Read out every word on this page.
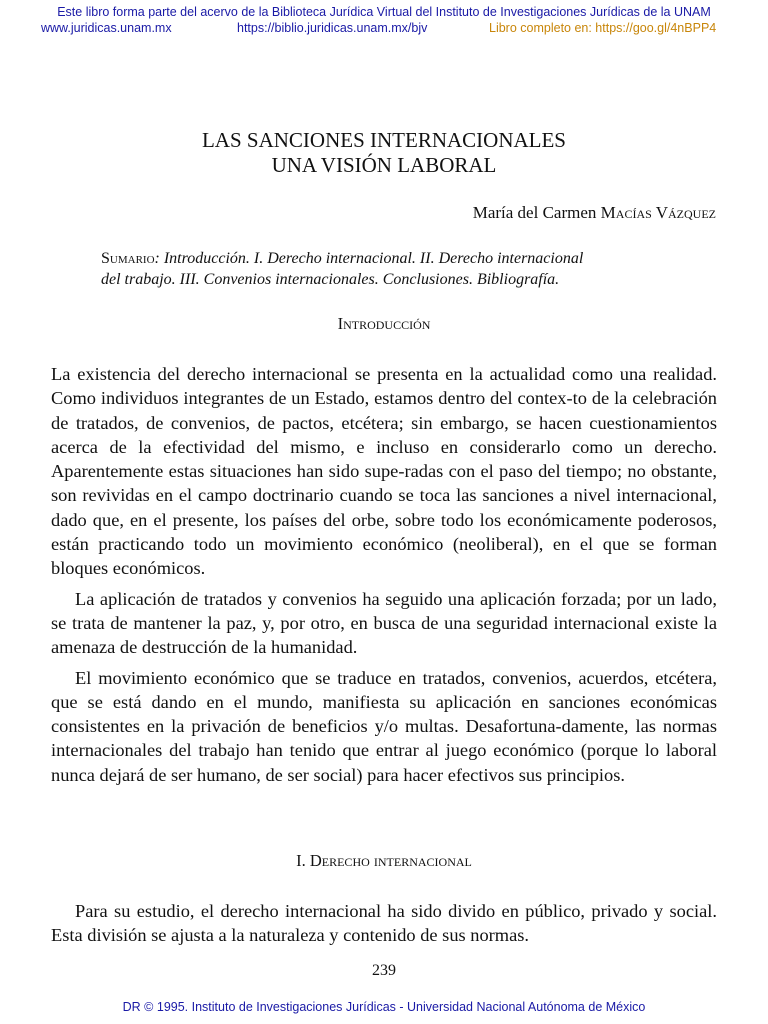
Este libro forma parte del acervo de la Biblioteca Jurídica Virtual del Instituto de Investigaciones Jurídicas de la UNAM
www.juridicas.unam.mx	https://biblio.juridicas.unam.mx/bjv	Libro completo en: https://goo.gl/4nBPP4
LAS SANCIONES INTERNACIONALES
UNA VISIÓN LABORAL
María del Carmen Macías Vázquez
Sumario: Introducción. I. Derecho internacional. II. Derecho internacional
del trabajo. III. Convenios internacionales. Conclusiones. Bibliografía.
Introducción

La existencia del derecho internacional se presenta en la actualidad como una realidad. Como individuos integrantes de un Estado, estamos dentro del contex-to de la celebración de tratados, de convenios, de pactos, etcétera; sin embargo, se hacen cuestionamientos acerca de la efectividad del mismo, e incluso en considerarlo como un derecho. Aparentemente estas situaciones han sido supe-radas con el paso del tiempo; no obstante, son revividas en el campo doctrinario cuando se toca las sanciones a nivel internacional, dado que, en el presente, los países del orbe, sobre todo los económicamente poderosos, están practicando todo un movimiento económico (neoliberal), en el que se forman bloques económicos.

La aplicación de tratados y convenios ha seguido una aplicación forzada; por un lado, se trata de mantener la paz, y, por otro, en busca de una seguridad internacional existe la amenaza de destrucción de la humanidad.

El movimiento económico que se traduce en tratados, convenios, acuerdos, etcétera, que se está dando en el mundo, manifiesta su aplicación en sanciones económicas consistentes en la privación de beneficios y/o multas. Desafortuna-damente, las normas internacionales del trabajo han tenido que entrar al juego económico (porque lo laboral nunca dejará de ser humano, de ser social) para hacer efectivos sus principios.

I. Derecho internacional

Para su estudio, el derecho internacional ha sido divido en público, privado y social. Esta división se ajusta a la naturaleza y contenido de sus normas.

239
DR © 1995. Instituto de Investigaciones Jurídicas - Universidad Nacional Autónoma de México
